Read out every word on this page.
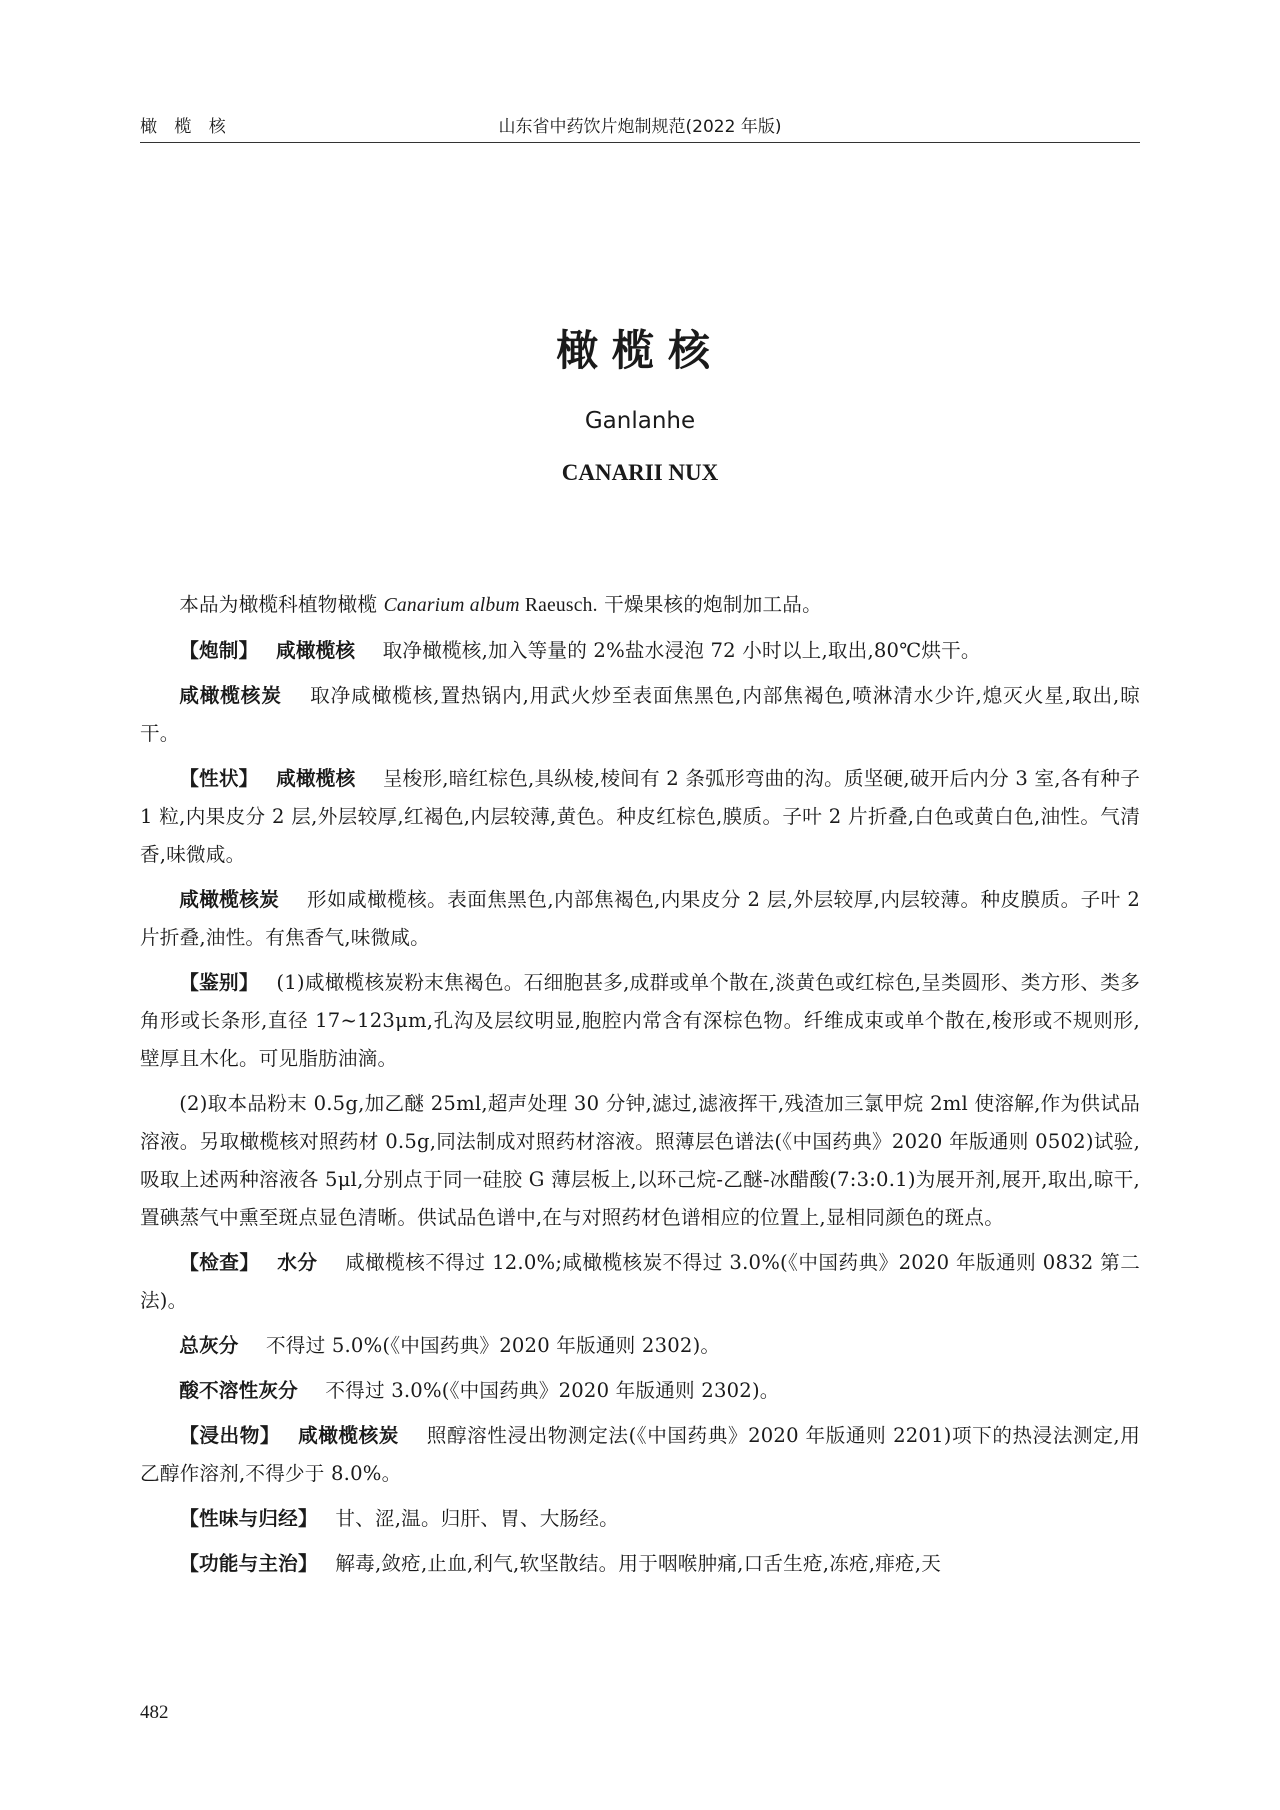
橄 榄 核	山东省中药饮片炮制规范(2022 年版)
橄榄核
Ganlanhe
CANARII NUX

本品为橄榄科植物橄榄 Canarium album Raeusch. 干燥果核的炮制加工品。

【炮制】 咸橄榄核 取净橄榄核,加入等量的 2%盐水浸泡 72 小时以上,取出,80℃烘干。

咸橄榄核炭 取净咸橄榄核,置热锅内,用武火炒至表面焦黑色,内部焦褐色,喷淋清水少许,熄灭火星,取出,晾干。

【性状】 咸橄榄核 呈梭形,暗红棕色,具纵棱,棱间有 2 条弧形弯曲的沟。质坚硬,破开后内分 3 室,各有种子 1 粒,内果皮分 2 层,外层较厚,红褐色,内层较薄,黄色。种皮红棕色,膜质。子叶 2 片折叠,白色或黄白色,油性。气清香,味微咸。

咸橄榄核炭 形如咸橄榄核。表面焦黑色,内部焦褐色,内果皮分 2 层,外层较厚,内层较薄。种皮膜质。子叶 2 片折叠,油性。有焦香气,味微咸。

【鉴别】 (1)咸橄榄核炭粉末焦褐色。石细胞甚多,成群或单个散在,淡黄色或红棕色,呈类圆形、类方形、类多角形或长条形,直径 17~123μm,孔沟及层纹明显,胞腔内常含有深棕色物。纤维成束或单个散在,梭形或不规则形,壁厚且木化。可见脂肪油滴。

(2)取本品粉末 0.5g,加乙醚 25ml,超声处理 30 分钟,滤过,滤液挥干,残渣加三氯甲烷 2ml 使溶解,作为供试品溶液。另取橄榄核对照药材 0.5g,同法制成对照药材溶液。照薄层色谱法(《中国药典》2020 年版通则 0502)试验,吸取上述两种溶液各 5μl,分别点于同一硅胶 G 薄层板上,以环己烷-乙醚-冰醋酸(7:3:0.1)为展开剂,展开,取出,晾干,置碘蒸气中熏至斑点显色清晰。供试品色谱中,在与对照药材色谱相应的位置上,显相同颜色的斑点。

【检查】 水分 咸橄榄核不得过 12.0%;咸橄榄核炭不得过 3.0%(《中国药典》2020 年版通则 0832 第二法)。

总灰分 不得过 5.0%(《中国药典》2020 年版通则 2302)。

酸不溶性灰分 不得过 3.0%(《中国药典》2020 年版通则 2302)。

【浸出物】 咸橄榄核炭 照醇溶性浸出物测定法(《中国药典》2020 年版通则 2201)项下的热浸法测定,用乙醇作溶剂,不得少于 8.0%。

【性味与归经】 甘、涩,温。归肝、胃、大肠经。

【功能与主治】 解毒,敛疮,止血,利气,软坚散结。用于咽喉肿痛,口舌生疮,冻疮,痱疮,天

482
